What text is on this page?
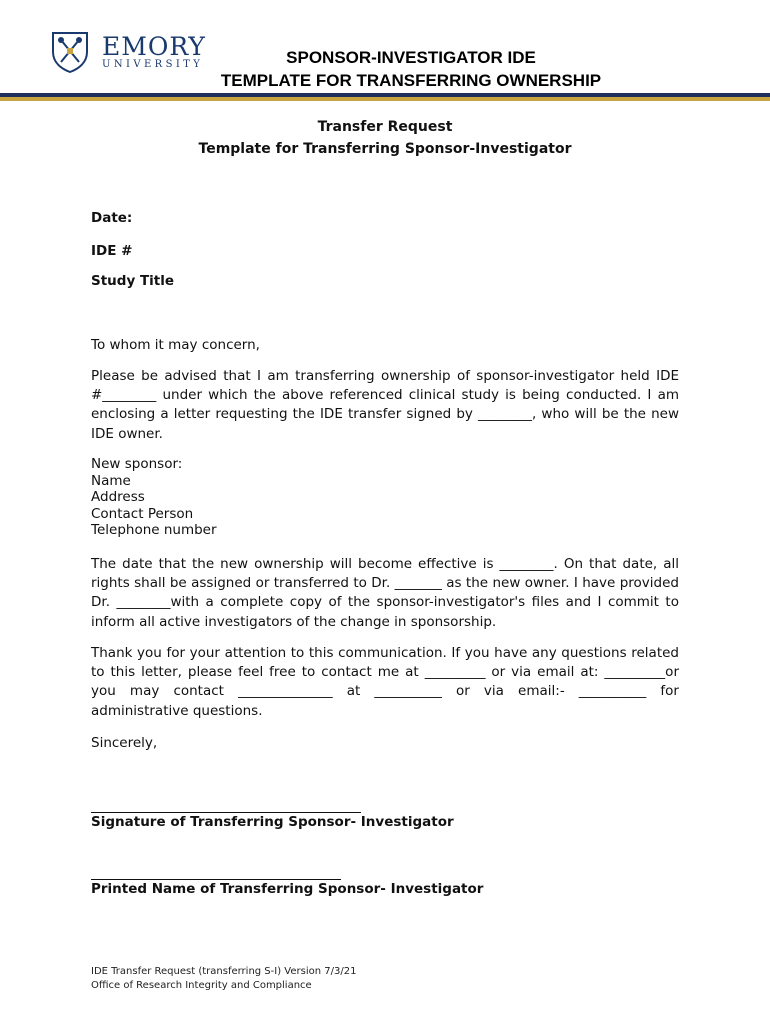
EMORY
UNIVERSITY	SPONSOR-INVESTIGATOR IDE
TEMPLATE FOR TRANSFERRING OWNERSHIP
Transfer Request
Template for Transferring Sponsor-Investigator
Date:
IDE #
Study Title
To whom it may concern,

Please be advised that I am transferring ownership of sponsor-investigator held IDE #________ under which the above referenced clinical study is being conducted. I am enclosing a letter requesting the IDE transfer signed by ________, who will be the new IDE owner.

New sponsor:
Name
Address
Contact Person
Telephone number

The date that the new ownership will become effective is ________. On that date, all rights shall be assigned or transferred to Dr. _______ as the new owner. I have provided Dr. ________with a complete copy of the sponsor-investigator's files and I commit to inform all active investigators of the change in sponsorship.

Thank you for your attention to this communication. If you have any questions related to this letter, please feel free to contact me at _________ or via email at: _________or you may contact ______________ at __________ or via email:- __________ for administrative questions.

Sincerely,
Signature of Transferring Sponsor- Investigator
Printed Name of Transferring Sponsor- Investigator
IDE Transfer Request (transferring S-I) Version 7/3/21
Office of Research Integrity and Compliance
